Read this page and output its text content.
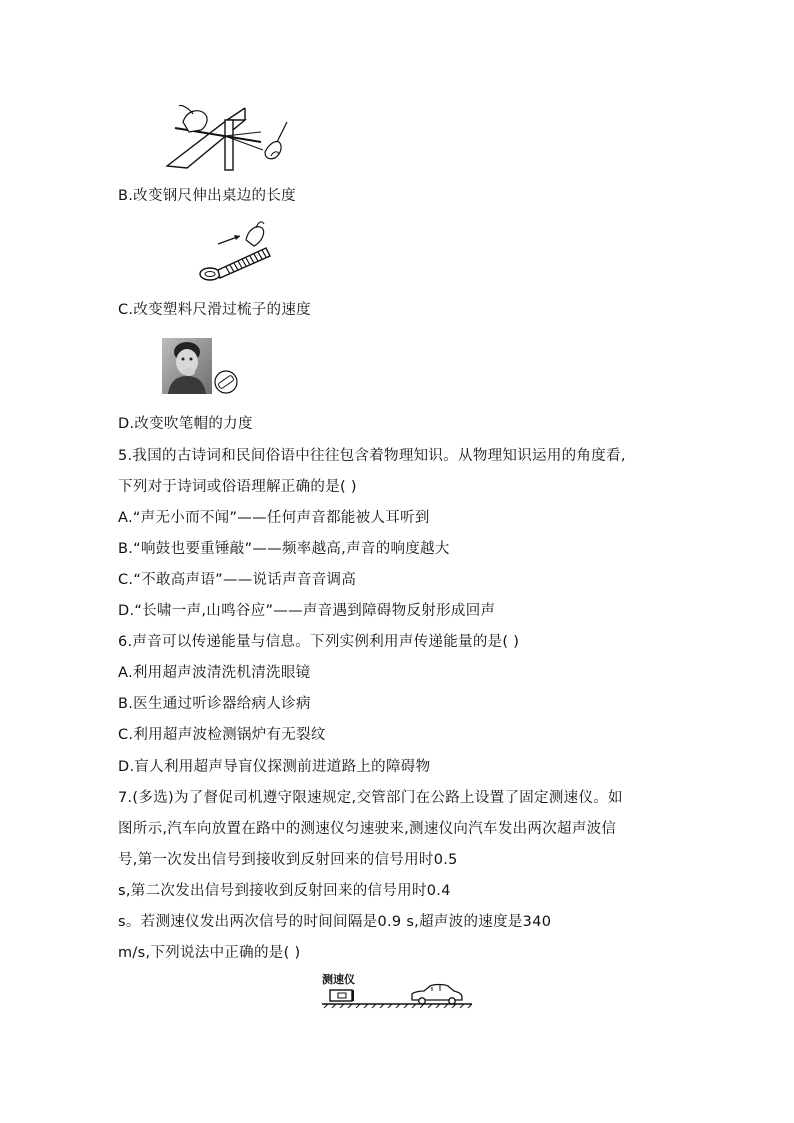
B.改变钢尺伸出桌边的长度
C.改变塑料尺滑过梳子的速度
D.改变吹笔帽的力度
5.我国的古诗词和民间俗语中往往包含着物理知识。从物理知识运用的角度看,
下列对于诗词或俗语理解正确的是( )
A.“声无小而不闻”——任何声音都能被人耳听到
B.“响鼓也要重锤敲”——频率越高,声音的响度越大
C.“不敢高声语”——说话声音音调高
D.“长啸一声,山鸣谷应”——声音遇到障碍物反射形成回声
6.声音可以传递能量与信息。下列实例利用声传递能量的是( )
A.利用超声波清洗机清洗眼镜
B.医生通过听诊器给病人诊病
C.利用超声波检测锅炉有无裂纹
D.盲人利用超声导盲仪探测前进道路上的障碍物
7.(多选)为了督促司机遵守限速规定,交管部门在公路上设置了固定测速仪。如
图所示,汽车向放置在路中的测速仪匀速驶来,测速仪向汽车发出两次超声波信
号,第一次发出信号到接收到反射回来的信号用时0.5
s,第二次发出信号到接收到反射回来的信号用时0.4
s。若测速仪发出两次信号的时间间隔是0.9 s,超声波的速度是340
m/s,下列说法中正确的是( )
测速仪
